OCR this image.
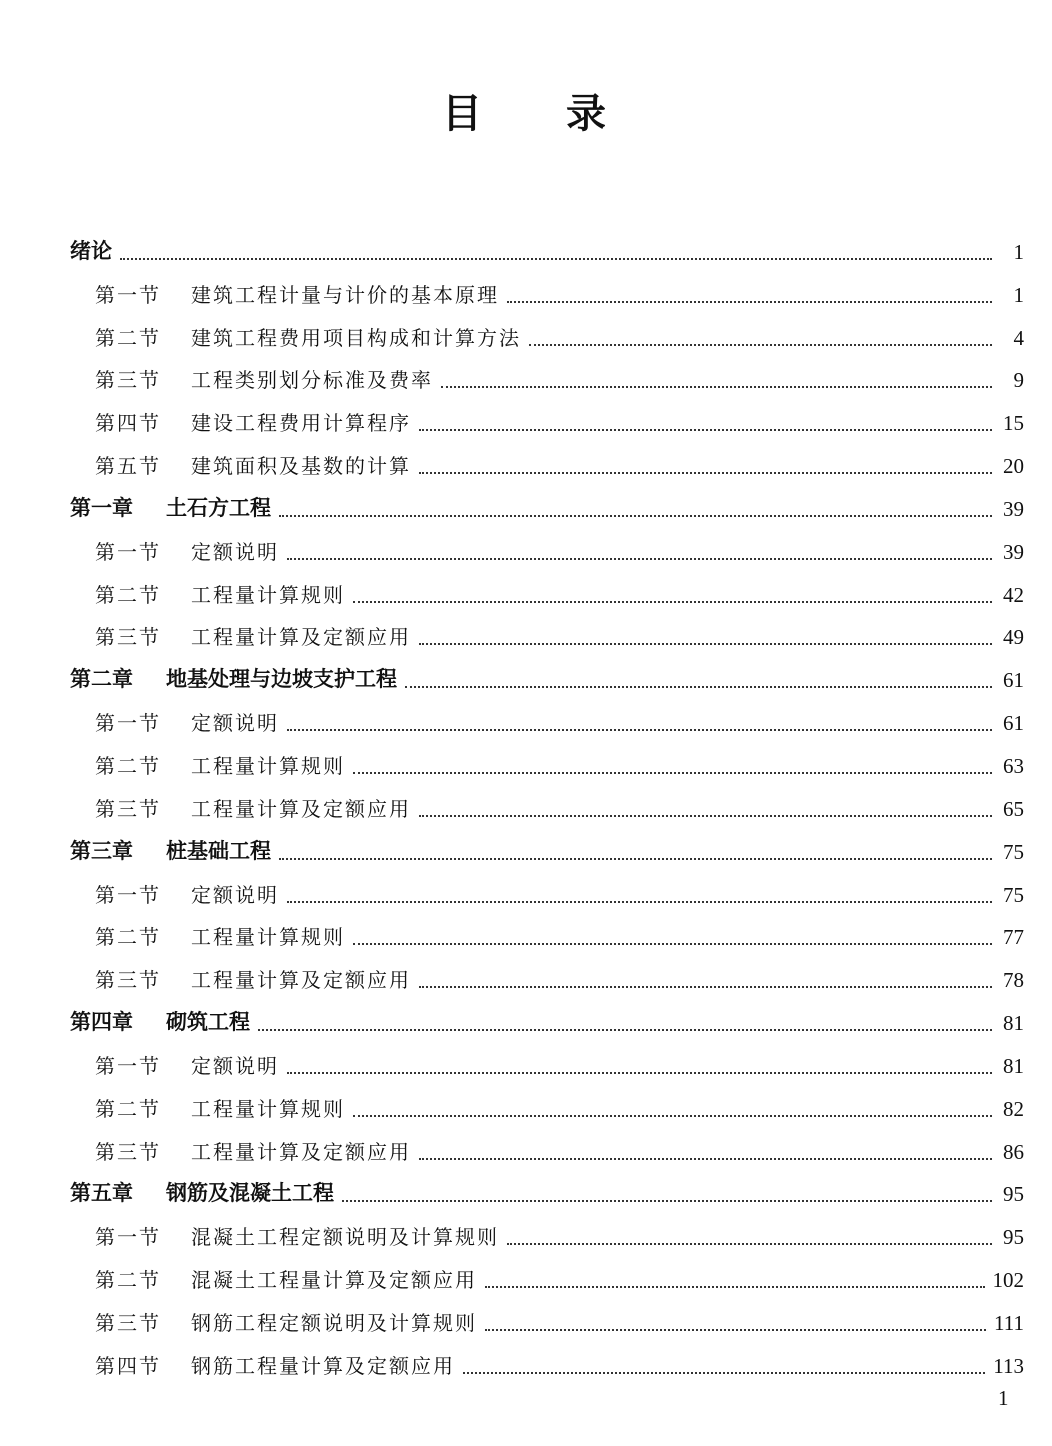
目 录
绪论	1
第一节	建筑工程计量与计价的基本原理	1
第二节	建筑工程费用项目构成和计算方法	4
第三节	工程类别划分标准及费率	9
第四节	建设工程费用计算程序	15
第五节	建筑面积及基数的计算	20
第一章	土石方工程	39
第一节	定额说明	39
第二节	工程量计算规则	42
第三节	工程量计算及定额应用	49
第二章	地基处理与边坡支护工程	61
第一节	定额说明	61
第二节	工程量计算规则	63
第三节	工程量计算及定额应用	65
第三章	桩基础工程	75
第一节	定额说明	75
第二节	工程量计算规则	77
第三节	工程量计算及定额应用	78
第四章	砌筑工程	81
第一节	定额说明	81
第二节	工程量计算规则	82
第三节	工程量计算及定额应用	86
第五章	钢筋及混凝土工程	95
第一节	混凝土工程定额说明及计算规则	95
第二节	混凝土工程量计算及定额应用	102
第三节	钢筋工程定额说明及计算规则	111
第四节	钢筋工程量计算及定额应用	113
1
